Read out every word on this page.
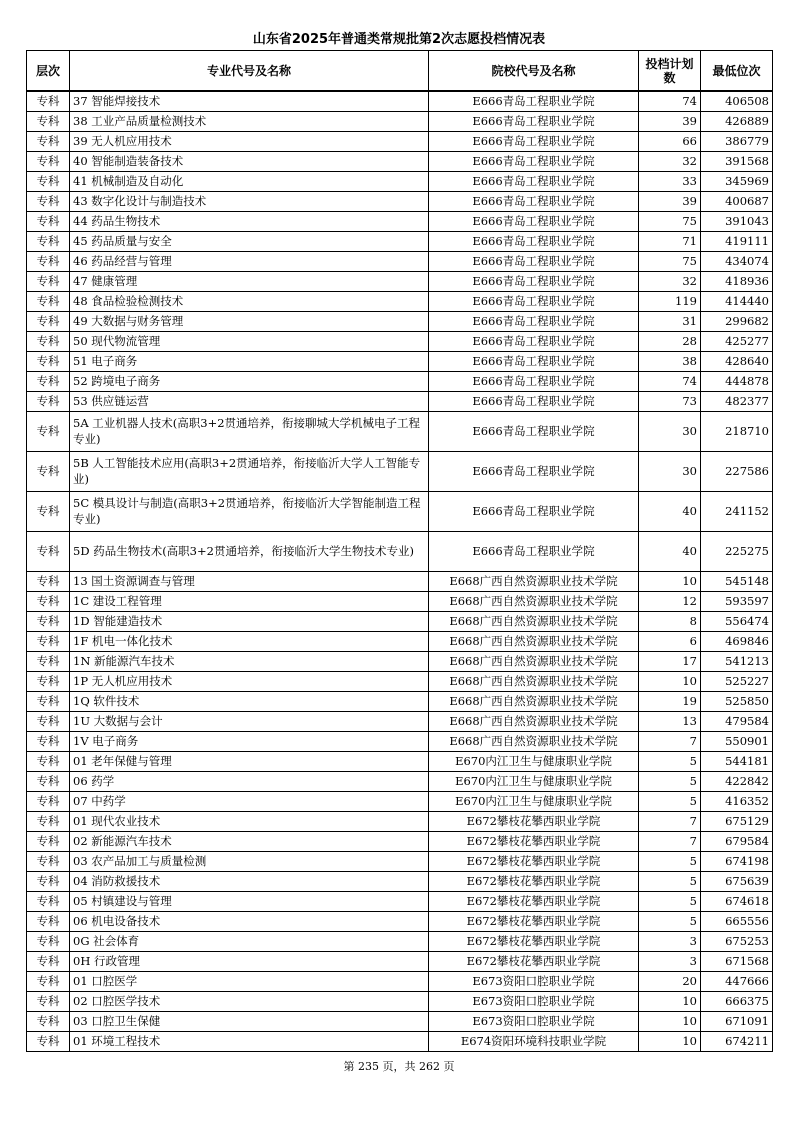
山东省2025年普通类常规批第2次志愿投档情况表
层次	专业代号及名称	院校代号及名称	投档计划数	最低位次
专科	37 智能焊接技术	E666青岛工程职业学院	74	406508
专科	38 工业产品质量检测技术	E666青岛工程职业学院	39	426889
专科	39 无人机应用技术	E666青岛工程职业学院	66	386779
专科	40 智能制造装备技术	E666青岛工程职业学院	32	391568
专科	41 机械制造及自动化	E666青岛工程职业学院	33	345969
专科	43 数字化设计与制造技术	E666青岛工程职业学院	39	400687
专科	44 药品生物技术	E666青岛工程职业学院	75	391043
专科	45 药品质量与安全	E666青岛工程职业学院	71	419111
专科	46 药品经营与管理	E666青岛工程职业学院	75	434074
专科	47 健康管理	E666青岛工程职业学院	32	418936
专科	48 食品检验检测技术	E666青岛工程职业学院	119	414440
专科	49 大数据与财务管理	E666青岛工程职业学院	31	299682
专科	50 现代物流管理	E666青岛工程职业学院	28	425277
专科	51 电子商务	E666青岛工程职业学院	38	428640
专科	52 跨境电子商务	E666青岛工程职业学院	74	444878
专科	53 供应链运营	E666青岛工程职业学院	73	482377
专科	5A 工业机器人技术(高职3+2贯通培养，衔接聊城大学机械电子工程专业)	E666青岛工程职业学院	30	218710
专科	5B 人工智能技术应用(高职3+2贯通培养，衔接临沂大学人工智能专业)	E666青岛工程职业学院	30	227586
专科	5C 模具设计与制造(高职3+2贯通培养，衔接临沂大学智能制造工程专业)	E666青岛工程职业学院	40	241152
专科	5D 药品生物技术(高职3+2贯通培养，衔接临沂大学生物技术专业)	E666青岛工程职业学院	40	225275
专科	13 国土资源调查与管理	E668广西自然资源职业技术学院	10	545148
专科	1C 建设工程管理	E668广西自然资源职业技术学院	12	593597
专科	1D 智能建造技术	E668广西自然资源职业技术学院	8	556474
专科	1F 机电一体化技术	E668广西自然资源职业技术学院	6	469846
专科	1N 新能源汽车技术	E668广西自然资源职业技术学院	17	541213
专科	1P 无人机应用技术	E668广西自然资源职业技术学院	10	525227
专科	1Q 软件技术	E668广西自然资源职业技术学院	19	525850
专科	1U 大数据与会计	E668广西自然资源职业技术学院	13	479584
专科	1V 电子商务	E668广西自然资源职业技术学院	7	550901
专科	01 老年保健与管理	E670内江卫生与健康职业学院	5	544181
专科	06 药学	E670内江卫生与健康职业学院	5	422842
专科	07 中药学	E670内江卫生与健康职业学院	5	416352
专科	01 现代农业技术	E672攀枝花攀西职业学院	7	675129
专科	02 新能源汽车技术	E672攀枝花攀西职业学院	7	679584
专科	03 农产品加工与质量检测	E672攀枝花攀西职业学院	5	674198
专科	04 消防救援技术	E672攀枝花攀西职业学院	5	675639
专科	05 村镇建设与管理	E672攀枝花攀西职业学院	5	674618
专科	06 机电设备技术	E672攀枝花攀西职业学院	5	665556
专科	0G 社会体育	E672攀枝花攀西职业学院	3	675253
专科	0H 行政管理	E672攀枝花攀西职业学院	3	671568
专科	01 口腔医学	E673资阳口腔职业学院	20	447666
专科	02 口腔医学技术	E673资阳口腔职业学院	10	666375
专科	03 口腔卫生保健	E673资阳口腔职业学院	10	671091
专科	01 环境工程技术	E674资阳环境科技职业学院	10	674211
第 235 页，共 262 页
